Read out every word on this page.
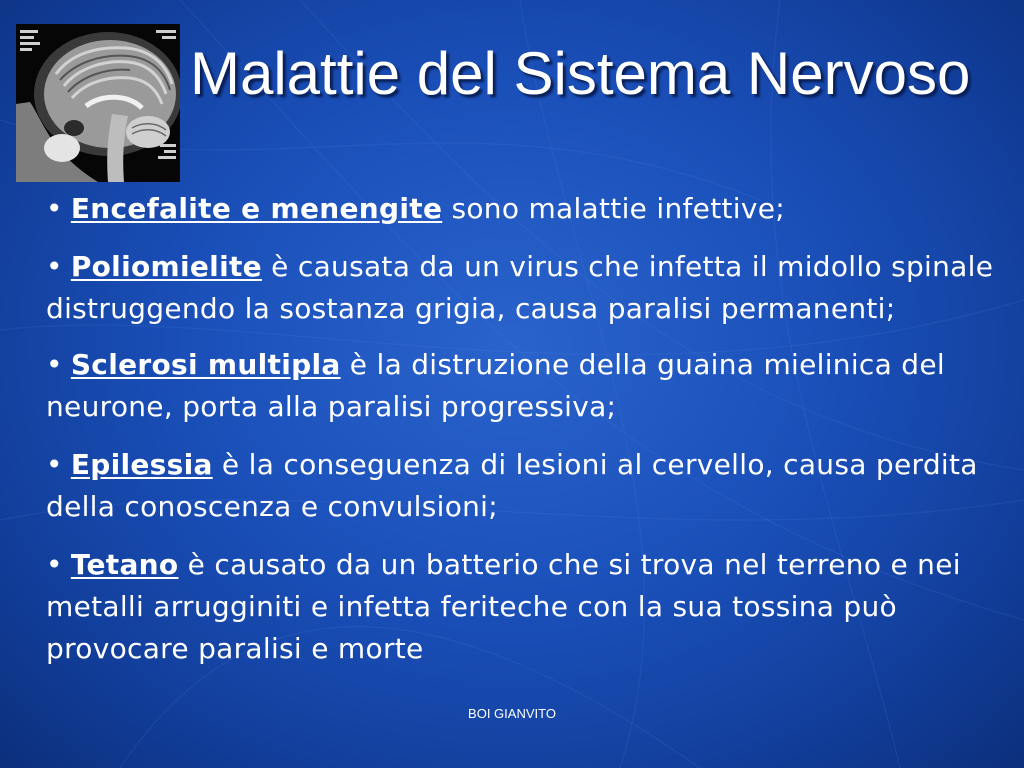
Malattie del Sistema Nervoso
• Encefalite e menengite sono malattie infettive;
• Poliomielite è causata da un virus che infetta il midollo spinale distruggendo la sostanza grigia, causa paralisi permanenti;
• Sclerosi multipla è la distruzione della guaina mielinica del neurone, porta alla paralisi progressiva;
• Epilessia è la conseguenza di lesioni al cervello, causa perdita della conoscenza e convulsioni;
• Tetano è causato da un batterio che si trova nel terreno e nei metalli arrugginiti e infetta feriteche con la sua tossina può provocare paralisi e morte
BOI GIANVITO
